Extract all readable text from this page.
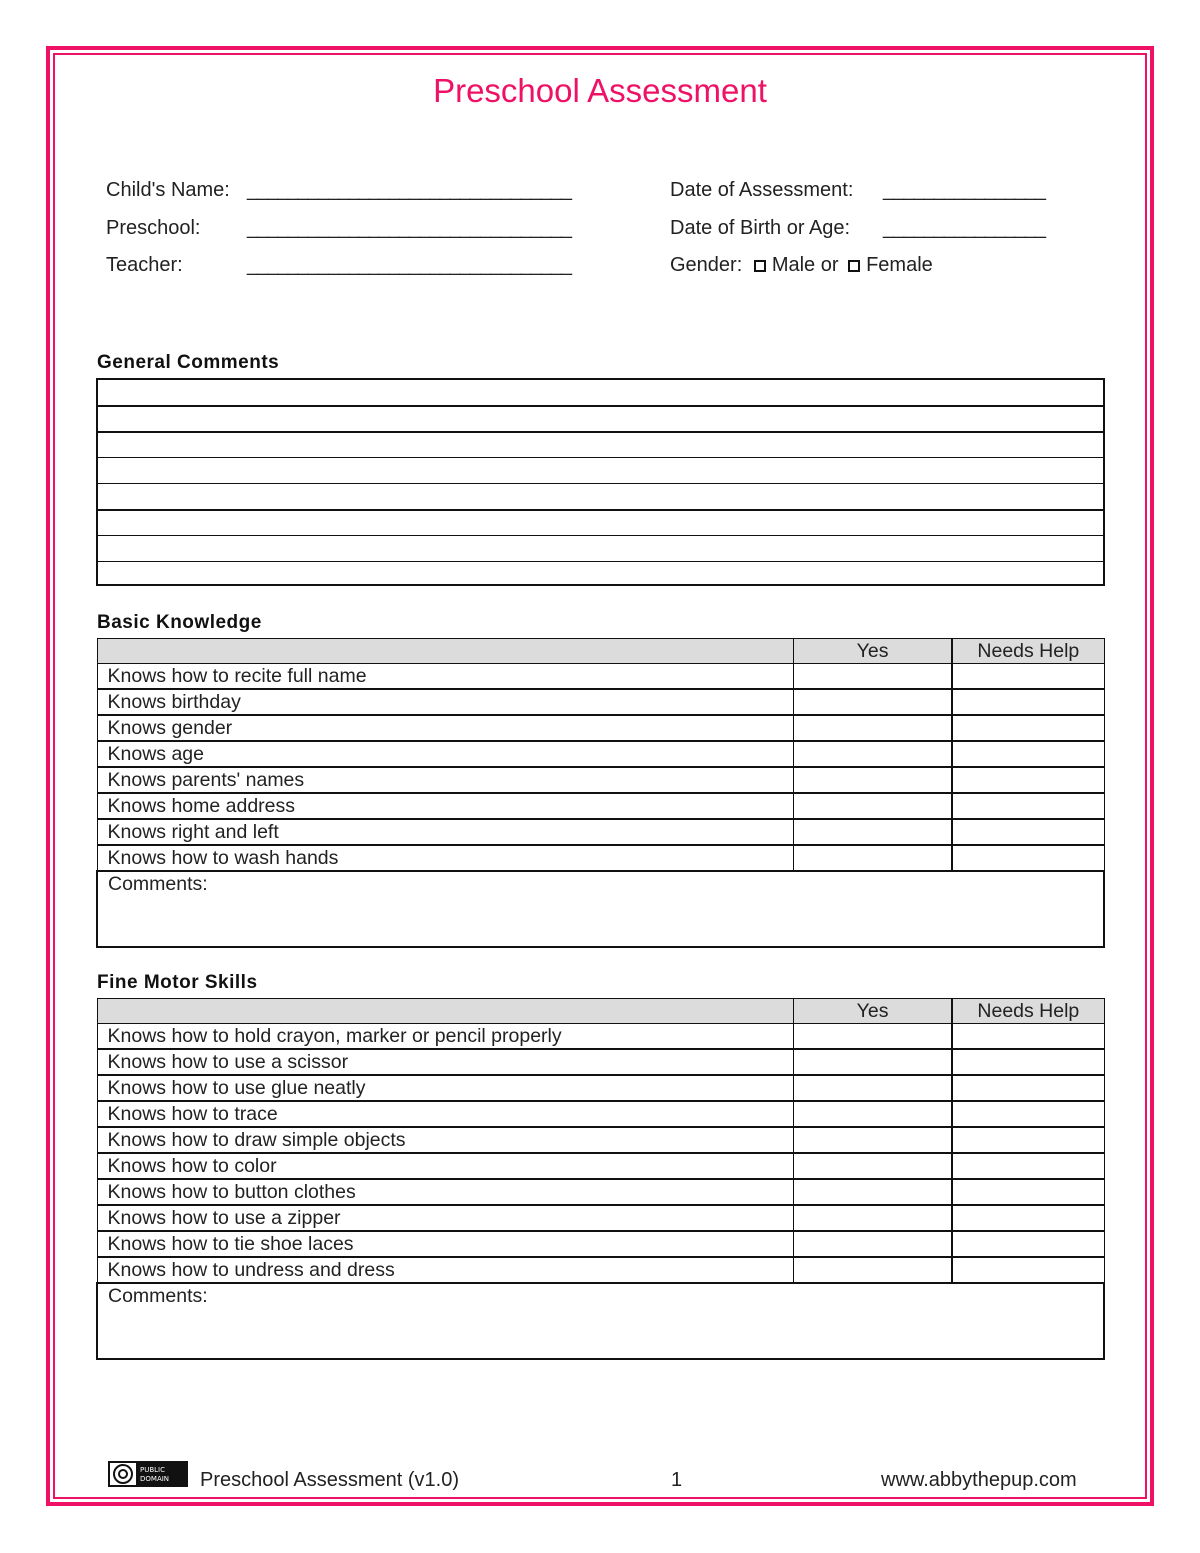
Preschool Assessment
Child's Name: ________________________________
Preschool: ________________________________
Teacher:	________________________________
Date of Assessment: ________________
Date of Birth or Age: ________________
Gender: Male or Female
General Comments
Basic Knowledge
	Yes	Needs Help
Knows how to recite full name		
Knows birthday		
Knows gender		
Knows age		
Knows parents' names		
Knows home address		
Knows right and left		
Knows how to wash hands		
Comments:		
Fine Motor Skills
	Yes	Needs Help
Knows how to hold crayon, marker or pencil properly		
Knows how to use a scissor		
Knows how to use glue neatly		
Knows how to trace		
Knows how to draw simple objects		
Knows how to color		
Knows how to button clothes		
Knows how to use a zipper		
Knows how to tie shoe laces		
Knows how to undress and dress		
Comments:		
PUBLIC
DOMAIN Preschool Assessment (v1.0)	1	www.abbythepup.com
